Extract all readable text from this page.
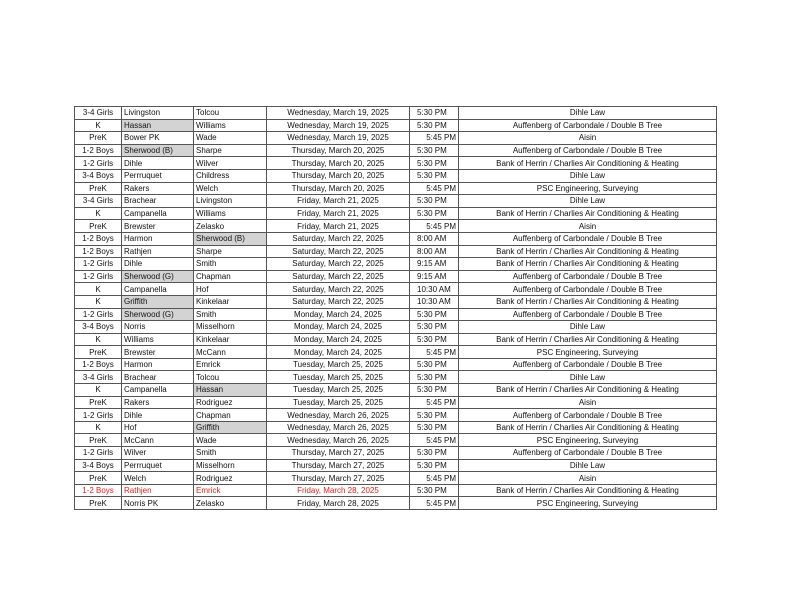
3-4 Girls	Livingston	Tolcou	Wednesday, March 19, 2025	5:30 PM	Dihle Law
K	Hassan	Williams	Wednesday, March 19, 2025	5:30 PM	Auffenberg of Carbondale / Double B Tree
PreK	Bower PK	Wade	Wednesday, March 19, 2025	5:45 PM	Aisin
1-2 Boys	Sherwood (B)	Sharpe	Thursday, March 20, 2025	5:30 PM	Auffenberg of Carbondale / Double B Tree
1-2 Girls	Dihle	Wilver	Thursday, March 20, 2025	5:30 PM	Bank of Herrin / Charlies Air Conditioning & Heating
3-4 Boys	Perrruquet	Childress	Thursday, March 20, 2025	5:30 PM	Dihle Law
PreK	Rakers	Welch	Thursday, March 20, 2025	5:45 PM	PSC Engineering, Surveying
3-4 Girls	Brachear	Livingston	Friday, March 21, 2025	5:30 PM	Dihle Law
K	Campanella	Williams	Friday, March 21, 2025	5:30 PM	Bank of Herrin / Charlies Air Conditioning & Heating
PreK	Brewster	Zelasko	Friday, March 21, 2025	5:45 PM	Aisin
1-2 Boys	Harmon	Sherwood (B)	Saturday, March 22, 2025	8:00 AM	Auffenberg of Carbondale / Double B Tree
1-2 Boys	Rathjen	Sharpe	Saturday, March 22, 2025	8:00 AM	Bank of Herrin / Charlies Air Conditioning & Heating
1-2 Girls	Dihle	Smith	Saturday, March 22, 2025	9:15 AM	Bank of Herrin / Charlies Air Conditioning & Heating
1-2 Girls	Sherwood (G)	Chapman	Saturday, March 22, 2025	9:15 AM	Auffenberg of Carbondale / Double B Tree
K	Campanella	Hof	Saturday, March 22, 2025	10:30 AM	Auffenberg of Carbondale / Double B Tree
K	Griffith	Kinkelaar	Saturday, March 22, 2025	10:30 AM	Bank of Herrin / Charlies Air Conditioning & Heating
1-2 Girls	Sherwood (G)	Smith	Monday, March 24, 2025	5:30 PM	Auffenberg of Carbondale / Double B Tree
3-4 Boys	Norris	Misselhorn	Monday, March 24, 2025	5:30 PM	Dihle Law
K	Williams	Kinkelaar	Monday, March 24, 2025	5:30 PM	Bank of Herrin / Charlies Air Conditioning & Heating
PreK	Brewster	McCann	Monday, March 24, 2025	5:45 PM	PSC Engineering, Surveying
1-2 Boys	Harmon	Emrick	Tuesday, March 25, 2025	5:30 PM	Auffenberg of Carbondale / Double B Tree
3-4 Girls	Brachear	Tolcou	Tuesday, March 25, 2025	5:30 PM	Dihle Law
K	Campanella	Hassan	Tuesday, March 25, 2025	5:30 PM	Bank of Herrin / Charlies Air Conditioning & Heating
PreK	Rakers	Rodriguez	Tuesday, March 25, 2025	5:45 PM	Aisin
1-2 Girls	Dihle	Chapman	Wednesday, March 26, 2025	5:30 PM	Auffenberg of Carbondale / Double B Tree
K	Hof	Griffith	Wednesday, March 26, 2025	5:30 PM	Bank of Herrin / Charlies Air Conditioning & Heating
PreK	McCann	Wade	Wednesday, March 26, 2025	5:45 PM	PSC Engineering, Surveying
1-2 Girls	Wilver	Smith	Thursday, March 27, 2025	5:30 PM	Auffenberg of Carbondale / Double B Tree
3-4 Boys	Perrruquet	Misselhorn	Thursday, March 27, 2025	5:30 PM	Dihle Law
PreK	Welch	Rodriguez	Thursday, March 27, 2025	5:45 PM	Aisin
1-2 Boys	Rathjen	Emrick	Friday, March 28, 2025	5:30 PM	Bank of Herrin / Charlies Air Conditioning & Heating
PreK	Norris PK	Zelasko	Friday, March 28, 2025	5:45 PM	PSC Engineering, Surveying
